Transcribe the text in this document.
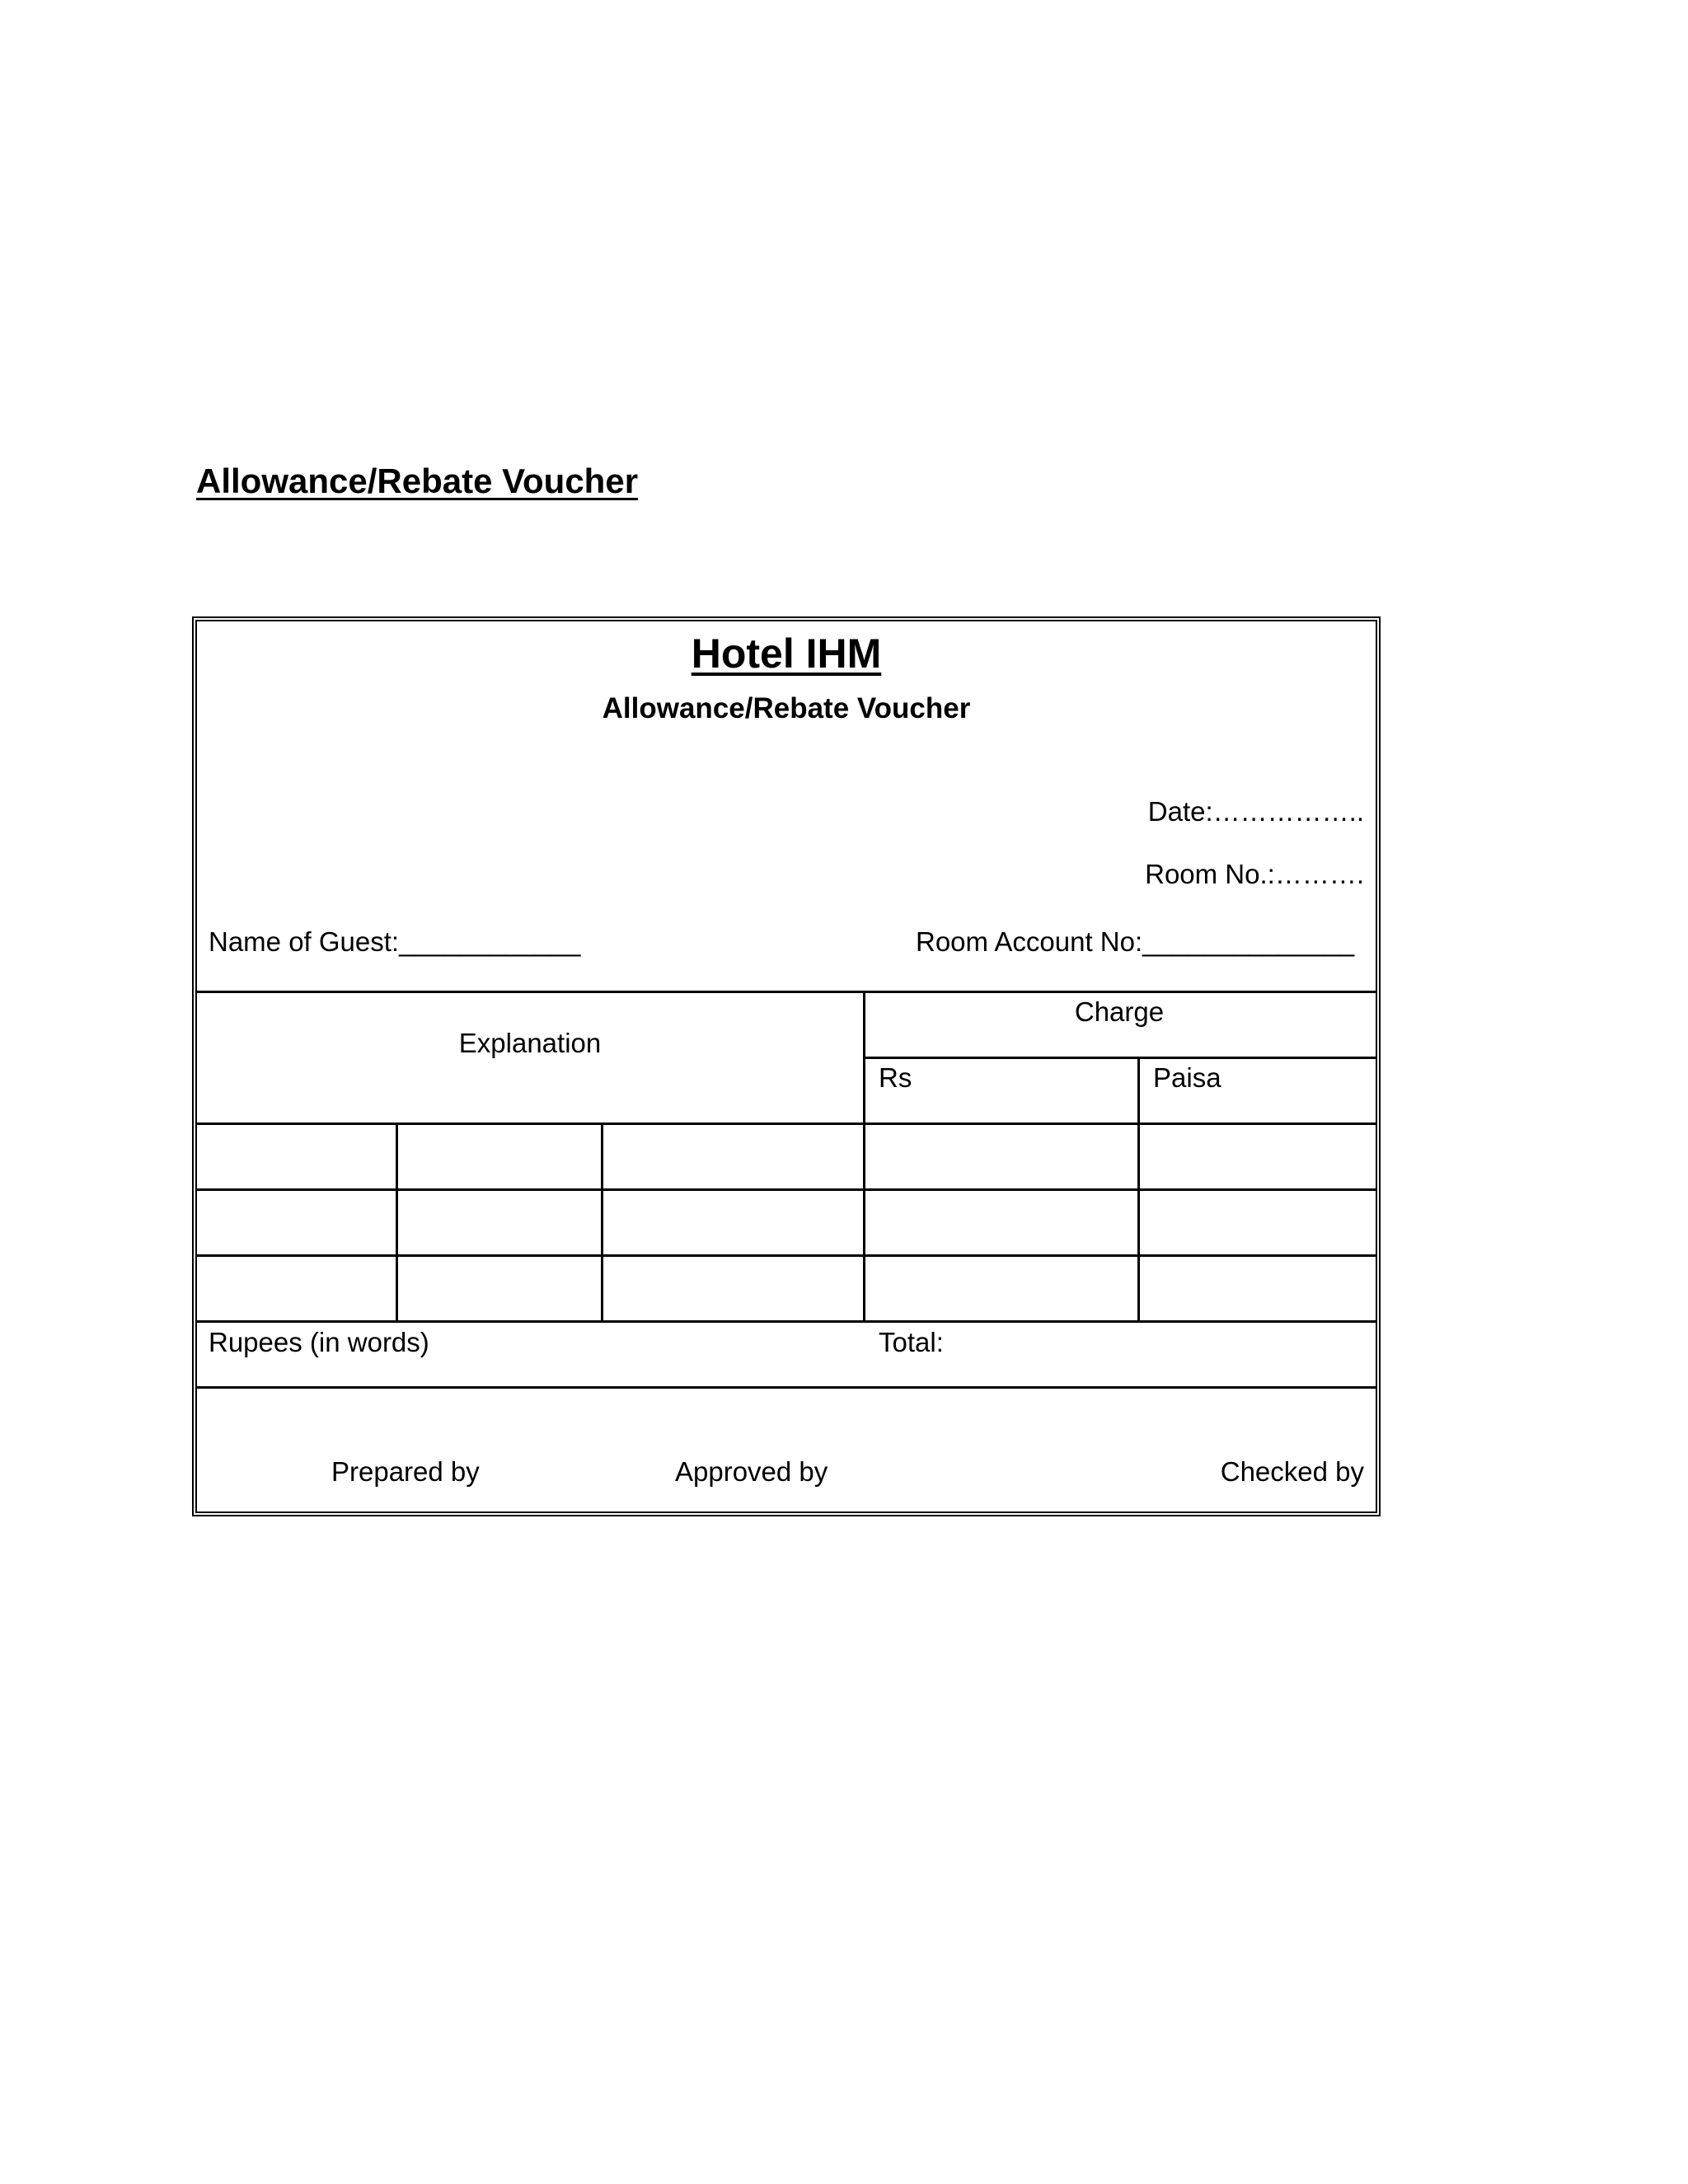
Allowance/Rebate Voucher
Hotel IHM
Allowance/Rebate Voucher
Date:……………..
Room No.:……….
Name of Guest:____________	Room Account No:______________
Explanation
Charge
Rs	Paisa
Rupees (in words)	Total:
Prepared by	Approved by	Checked by
